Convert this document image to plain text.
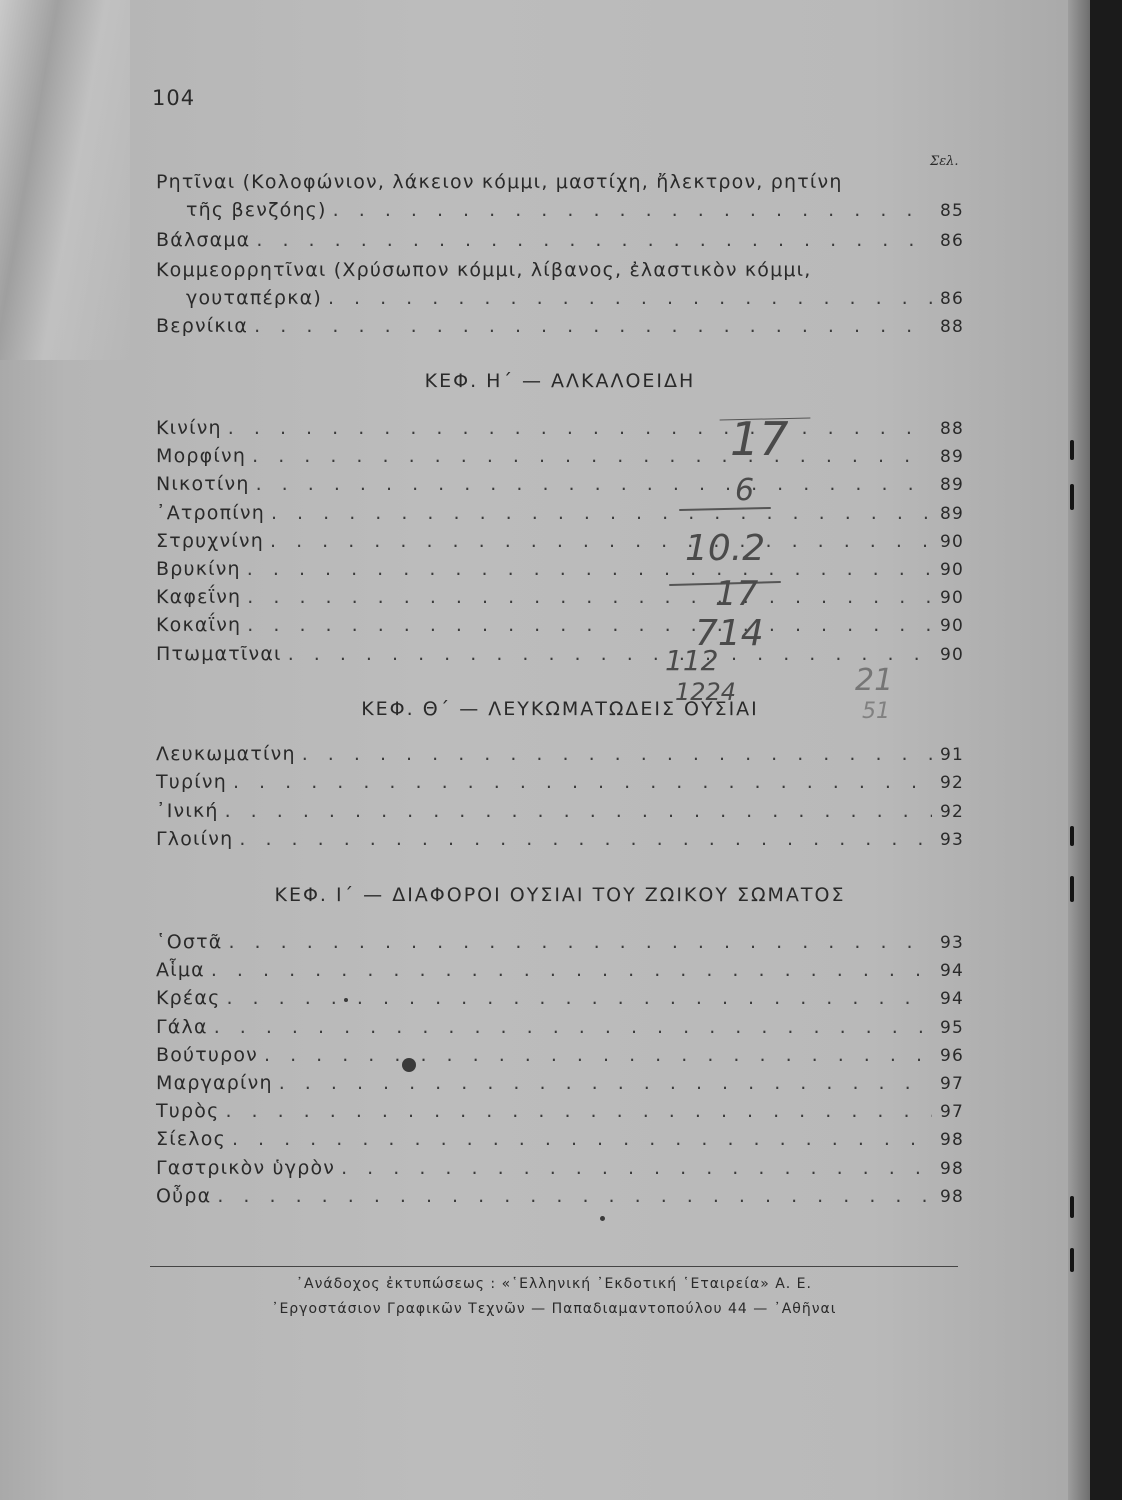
104
Σελ.
Ρητῖναι (Κολοφώνιον, λάκειον κόμμι, μαστίχη, ἤλεκτρον, ρητίνη
τῆς βενζόης) . . .	85
Βάλσαμα . . .	86
Κομμεορρητῖναι (Χρύσωπον κόμμι, λίβανος, ἐλαστικὸν κόμμι,
γουταπέρκα) . . .	86
Βερνίκια . . .	88
ΚΕΦ. Η΄ — ΑΛΚΑΛΟΕΙΔΗ
Κινίνη . . .	88
Μορφίνη . . .	89
Νικοτίνη . . .	89
᾿Ατροπίνη . . .	89
Στρυχνίνη . . .	90
Βρυκίνη . . .	90
Καφεΐνη . . .	90
Κοκαΐνη . . .	90
Πτωματῖναι . . .	90
ΚΕΦ. Θ΄ — ΛΕΥΚΩΜΑΤΩΔΕΙΣ ΟΥΣΙΑΙ
Λευκωματίνη . . .	91
Τυρίνη . . .	92
᾿Ινική . . .	92
Γλοιίνη . . .	93
ΚΕΦ. Ι΄ — ΔΙΑΦΟΡΟΙ ΟΥΣΙΑΙ ΤΟΥ ΖΩΙΚΟΥ ΣΩΜΑΤΟΣ
῾Οστᾶ . . .	93
Αἷμα . . .	94
Κρέας . . .	94
Γάλα . . .	95
Βούτυρον . . .	96
Μαργαρίνη . . .	97
Τυρὸς . . .	97
Σίελος . . .	98
Γαστρικὸν ὑγρὸν . . .	98
Οὖρα . . .	98
᾿Ανάδοχος ἐκτυπώσεως : «῾Ελληνική ᾿Εκδοτική ῾Εταιρεία» Α. Ε.
᾿Εργοστάσιον Γραφικῶν Τεχνῶν — Παπαδιαμαντοπούλου 44 — ᾿Αθῆναι
17
6
10.2
17
714
112
1224	21
51
